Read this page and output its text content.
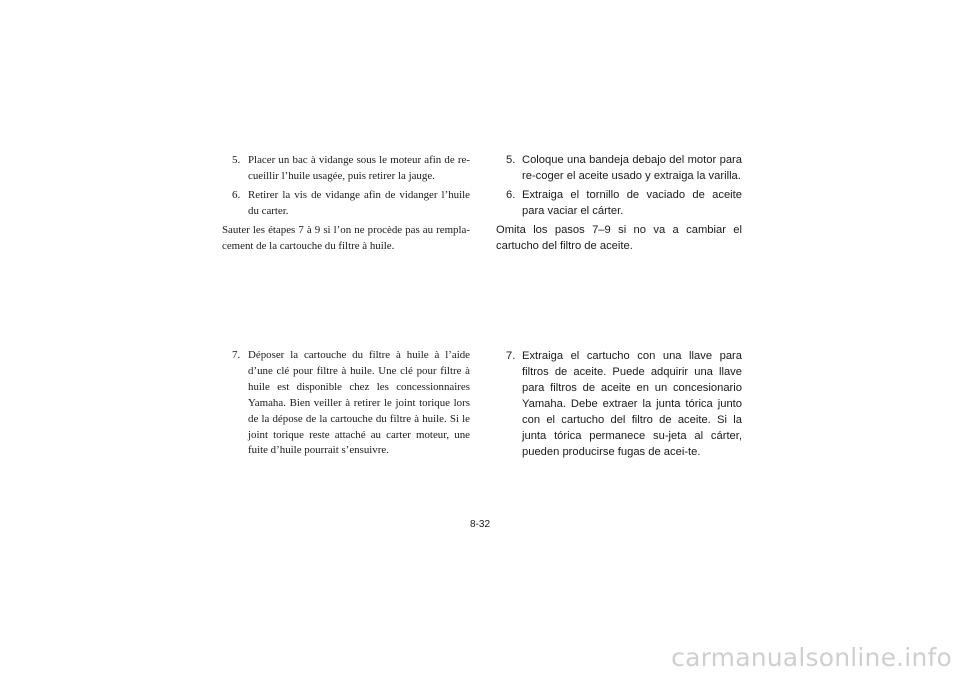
5. Placer un bac à vidange sous le moteur afin de re-cueillir l’huile usagée, puis retirer la jauge.
6. Retirer la vis de vidange afin de vidanger l’huile du carter.

Sauter les étapes 7 à 9 si l’on ne procède pas au rempla-cement de la cartouche du filtre à huile.

5. Coloque una bandeja debajo del motor para re-coger el aceite usado y extraiga la varilla.
6. Extraiga el tornillo de vaciado de aceite para vaciar el cárter.

Omita los pasos 7–9 si no va a cambiar el cartucho del filtro de aceite.

7. Déposer la cartouche du filtre à huile à l’aide d’une clé pour filtre à huile. Une clé pour filtre à huile est disponible chez les concessionnaires Yamaha. Bien veiller à retirer le joint torique lors de la dépose de la cartouche du filtre à huile. Si le joint torique reste attaché au carter moteur, une fuite d’huile pourrait s’ensuivre.
7. Extraiga el cartucho con una llave para filtros de aceite. Puede adquirir una llave para filtros de aceite en un concesionario Yamaha. Debe extraer la junta tórica junto con el cartucho del filtro de aceite. Si la junta tórica permanece su-jeta al cárter, pueden producirse fugas de acei-te.
8-32
carmanualsonline.info
